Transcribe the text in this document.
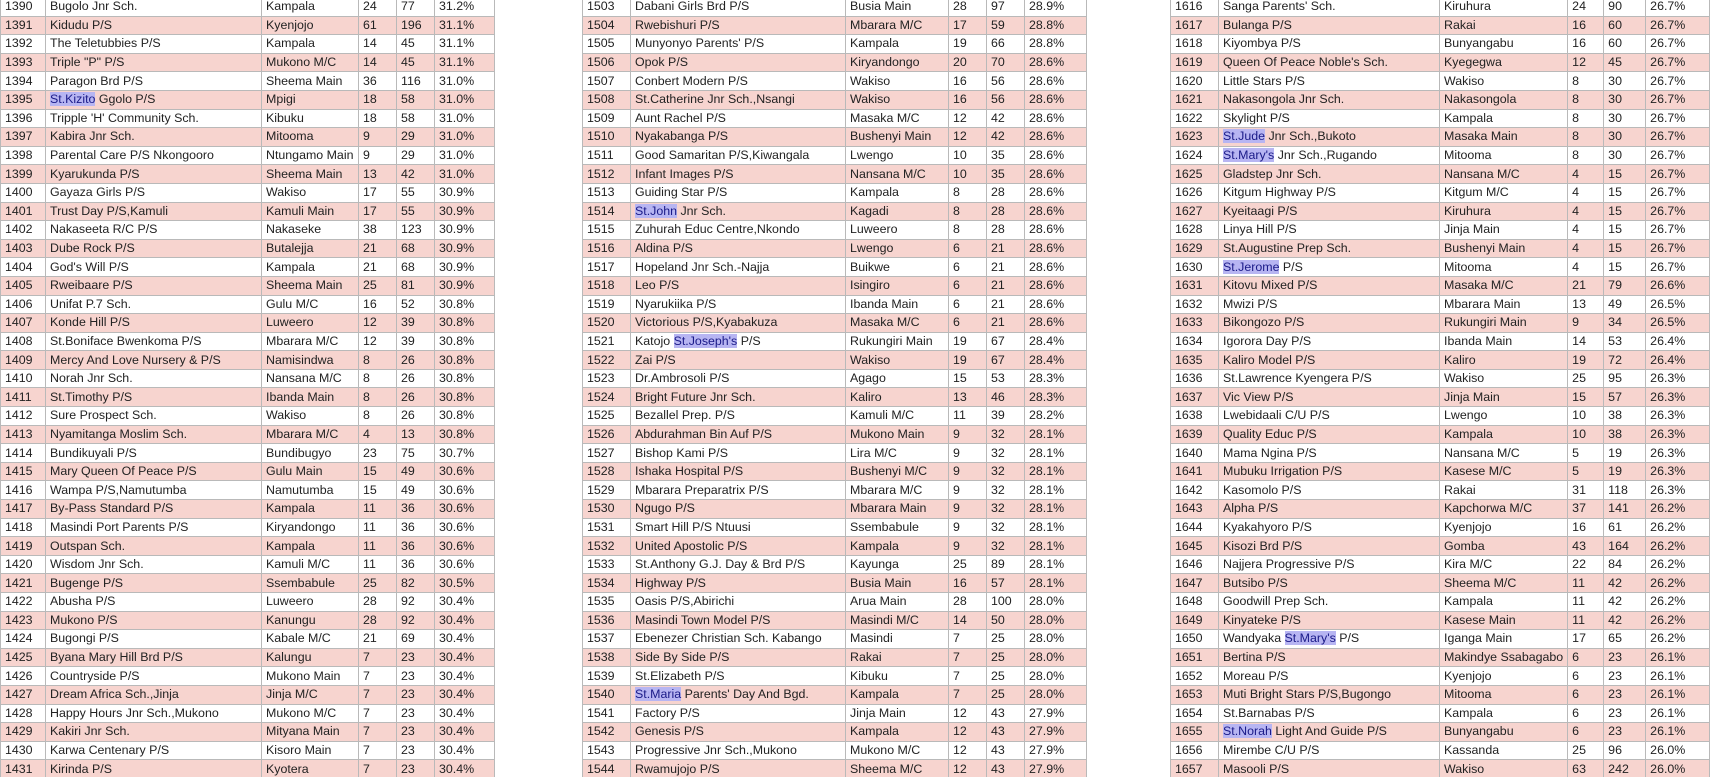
1390	Bugolo Jnr Sch.	Kampala	24	77	31.2%
1391	Kidudu P/S	Kyenjojo	61	196	31.1%
1392	The Teletubbies P/S	Kampala	14	45	31.1%
1393	Triple "P" P/S	Mukono M/C	14	45	31.1%
1394	Paragon Brd P/S	Sheema Main	36	116	31.0%
1395	St.Kizito Ggolo P/S	Mpigi	18	58	31.0%
1396	Tripple 'H' Community Sch.	Kibuku	18	58	31.0%
1397	Kabira Jnr Sch.	Mitooma	9	29	31.0%
1398	Parental Care P/S Nkongooro	Ntungamo Main	9	29	31.0%
1399	Kyarukunda P/S	Sheema Main	13	42	31.0%
1400	Gayaza Girls P/S	Wakiso	17	55	30.9%
1401	Trust Day P/S,Kamuli	Kamuli Main	17	55	30.9%
1402	Nakaseeta R/C P/S	Nakaseke	38	123	30.9%
1403	Dube Rock P/S	Butalejja	21	68	30.9%
1404	God's Will P/S	Kampala	21	68	30.9%
1405	Rweibaare P/S	Sheema Main	25	81	30.9%
1406	Unifat P.7 Sch.	Gulu M/C	16	52	30.8%
1407	Konde Hill P/S	Luweero	12	39	30.8%
1408	St.Boniface Bwenkoma P/S	Mbarara M/C	12	39	30.8%
1409	Mercy And Love Nursery & P/S	Namisindwa	8	26	30.8%
1410	Norah Jnr Sch.	Nansana M/C	8	26	30.8%
1411	St.Timothy P/S	Ibanda Main	8	26	30.8%
1412	Sure Prospect Sch.	Wakiso	8	26	30.8%
1413	Nyamitanga Moslim Sch.	Mbarara M/C	4	13	30.8%
1414	Bundikuyali P/S	Bundibugyo	23	75	30.7%
1415	Mary Queen Of Peace P/S	Gulu Main	15	49	30.6%
1416	Wampa P/S,Namutumba	Namutumba	15	49	30.6%
1417	By-Pass Standard P/S	Kampala	11	36	30.6%
1418	Masindi Port Parents P/S	Kiryandongo	11	36	30.6%
1419	Outspan Sch.	Kampala	11	36	30.6%
1420	Wisdom Jnr Sch.	Kamuli M/C	11	36	30.6%
1421	Bugenge P/S	Ssembabule	25	82	30.5%
1422	Abusha P/S	Luweero	28	92	30.4%
1423	Mukono P/S	Kanungu	28	92	30.4%
1424	Bugongi P/S	Kabale M/C	21	69	30.4%
1425	Byana Mary Hill Brd P/S	Kalungu	7	23	30.4%
1426	Countryside P/S	Mukono Main	7	23	30.4%
1427	Dream Africa Sch.,Jinja	Jinja M/C	7	23	30.4%
1428	Happy Hours Jnr Sch.,Mukono	Mukono M/C	7	23	30.4%
1429	Kakiri Jnr Sch.	Mityana Main	7	23	30.4%
1430	Karwa Centenary P/S	Kisoro Main	7	23	30.4%
1431	Kirinda P/S	Kyotera	7	23	30.4%
1503	Dabani Girls Brd P/S	Busia Main	28	97	28.9%
1504	Rwebishuri P/S	Mbarara M/C	17	59	28.8%
1505	Munyonyo Parents' P/S	Kampala	19	66	28.8%
1506	Opok P/S	Kiryandongo	20	70	28.6%
1507	Conbert Modern P/S	Wakiso	16	56	28.6%
1508	St.Catherine Jnr Sch.,Nsangi	Wakiso	16	56	28.6%
1509	Aunt Rachel P/S	Masaka M/C	12	42	28.6%
1510	Nyakabanga P/S	Bushenyi Main	12	42	28.6%
1511	Good Samaritan P/S,Kiwangala	Lwengo	10	35	28.6%
1512	Infant Images P/S	Nansana M/C	10	35	28.6%
1513	Guiding Star P/S	Kampala	8	28	28.6%
1514	St.John Jnr Sch.	Kagadi	8	28	28.6%
1515	Zuhurah Educ Centre,Nkondo	Luweero	8	28	28.6%
1516	Aldina P/S	Lwengo	6	21	28.6%
1517	Hopeland Jnr Sch.-Najja	Buikwe	6	21	28.6%
1518	Leo P/S	Isingiro	6	21	28.6%
1519	Nyarukiika P/S	Ibanda Main	6	21	28.6%
1520	Victorious P/S,Kyabakuza	Masaka M/C	6	21	28.6%
1521	Katojo St.Joseph's P/S	Rukungiri Main	19	67	28.4%
1522	Zai P/S	Wakiso	19	67	28.4%
1523	Dr.Ambrosoli P/S	Agago	15	53	28.3%
1524	Bright Future Jnr Sch.	Kaliro	13	46	28.3%
1525	Bezallel Prep. P/S	Kamuli M/C	11	39	28.2%
1526	Abdurahman Bin Auf P/S	Mukono Main	9	32	28.1%
1527	Bishop Kami P/S	Lira M/C	9	32	28.1%
1528	Ishaka Hospital P/S	Bushenyi M/C	9	32	28.1%
1529	Mbarara Preparatrix P/S	Mbarara M/C	9	32	28.1%
1530	Ngugo P/S	Mbarara Main	9	32	28.1%
1531	Smart Hill P/S Ntuusi	Ssembabule	9	32	28.1%
1532	United Apostolic P/S	Kampala	9	32	28.1%
1533	St.Anthony G.J. Day & Brd P/S	Kayunga	25	89	28.1%
1534	Highway P/S	Busia Main	16	57	28.1%
1535	Oasis P/S,Abirichi	Arua Main	28	100	28.0%
1536	Masindi Town Model P/S	Masindi M/C	14	50	28.0%
1537	Ebenezer Christian Sch. Kabango	Masindi	7	25	28.0%
1538	Side By Side P/S	Rakai	7	25	28.0%
1539	St.Elizabeth P/S	Kibuku	7	25	28.0%
1540	St.Maria Parents' Day And Bgd.	Kampala	7	25	28.0%
1541	Factory P/S	Jinja Main	12	43	27.9%
1542	Genesis P/S	Kampala	12	43	27.9%
1543	Progressive Jnr Sch.,Mukono	Mukono M/C	12	43	27.9%
1544	Rwamujojo P/S	Sheema M/C	12	43	27.9%
1616	Sanga Parents' Sch.	Kiruhura	24	90	26.7%
1617	Bulanga P/S	Rakai	16	60	26.7%
1618	Kiyombya P/S	Bunyangabu	16	60	26.7%
1619	Queen Of Peace Noble's Sch.	Kyegegwa	12	45	26.7%
1620	Little Stars P/S	Wakiso	8	30	26.7%
1621	Nakasongola Jnr Sch.	Nakasongola	8	30	26.7%
1622	Skylight P/S	Kampala	8	30	26.7%
1623	St.Jude Jnr Sch.,Bukoto	Masaka Main	8	30	26.7%
1624	St.Mary's Jnr Sch.,Rugando	Mitooma	8	30	26.7%
1625	Gladstep Jnr Sch.	Nansana M/C	4	15	26.7%
1626	Kitgum Highway P/S	Kitgum M/C	4	15	26.7%
1627	Kyeitaagi P/S	Kiruhura	4	15	26.7%
1628	Linya Hill P/S	Jinja Main	4	15	26.7%
1629	St.Augustine Prep Sch.	Bushenyi Main	4	15	26.7%
1630	St.Jerome P/S	Mitooma	4	15	26.7%
1631	Kitovu Mixed P/S	Masaka M/C	21	79	26.6%
1632	Mwizi P/S	Mbarara Main	13	49	26.5%
1633	Bikongozo P/S	Rukungiri Main	9	34	26.5%
1634	Igorora Day P/S	Ibanda Main	14	53	26.4%
1635	Kaliro Model P/S	Kaliro	19	72	26.4%
1636	St.Lawrence Kyengera P/S	Wakiso	25	95	26.3%
1637	Vic View P/S	Jinja Main	15	57	26.3%
1638	Lwebidaali C/U P/S	Lwengo	10	38	26.3%
1639	Quality Educ P/S	Kampala	10	38	26.3%
1640	Mama Ngina P/S	Nansana M/C	5	19	26.3%
1641	Mubuku Irrigation P/S	Kasese M/C	5	19	26.3%
1642	Kasomolo P/S	Rakai	31	118	26.3%
1643	Alpha P/S	Kapchorwa M/C	37	141	26.2%
1644	Kyakahyoro P/S	Kyenjojo	16	61	26.2%
1645	Kisozi Brd P/S	Gomba	43	164	26.2%
1646	Najjera Progressive P/S	Kira M/C	22	84	26.2%
1647	Butsibo P/S	Sheema M/C	11	42	26.2%
1648	Goodwill Prep Sch.	Kampala	11	42	26.2%
1649	Kinyateke P/S	Kasese Main	11	42	26.2%
1650	Wandyaka St.Mary's P/S	Iganga Main	17	65	26.2%
1651	Bertina P/S	Makindye Ssabagabo	6	23	26.1%
1652	Moreau P/S	Kyenjojo	6	23	26.1%
1653	Muti Bright Stars P/S,Bugongo	Mitooma	6	23	26.1%
1654	St.Barnabas P/S	Kampala	6	23	26.1%
1655	St.Norah Light And Guide P/S	Bunyangabu	6	23	26.1%
1656	Mirembe C/U P/S	Kassanda	25	96	26.0%
1657	Masooli P/S	Wakiso	63	242	26.0%
